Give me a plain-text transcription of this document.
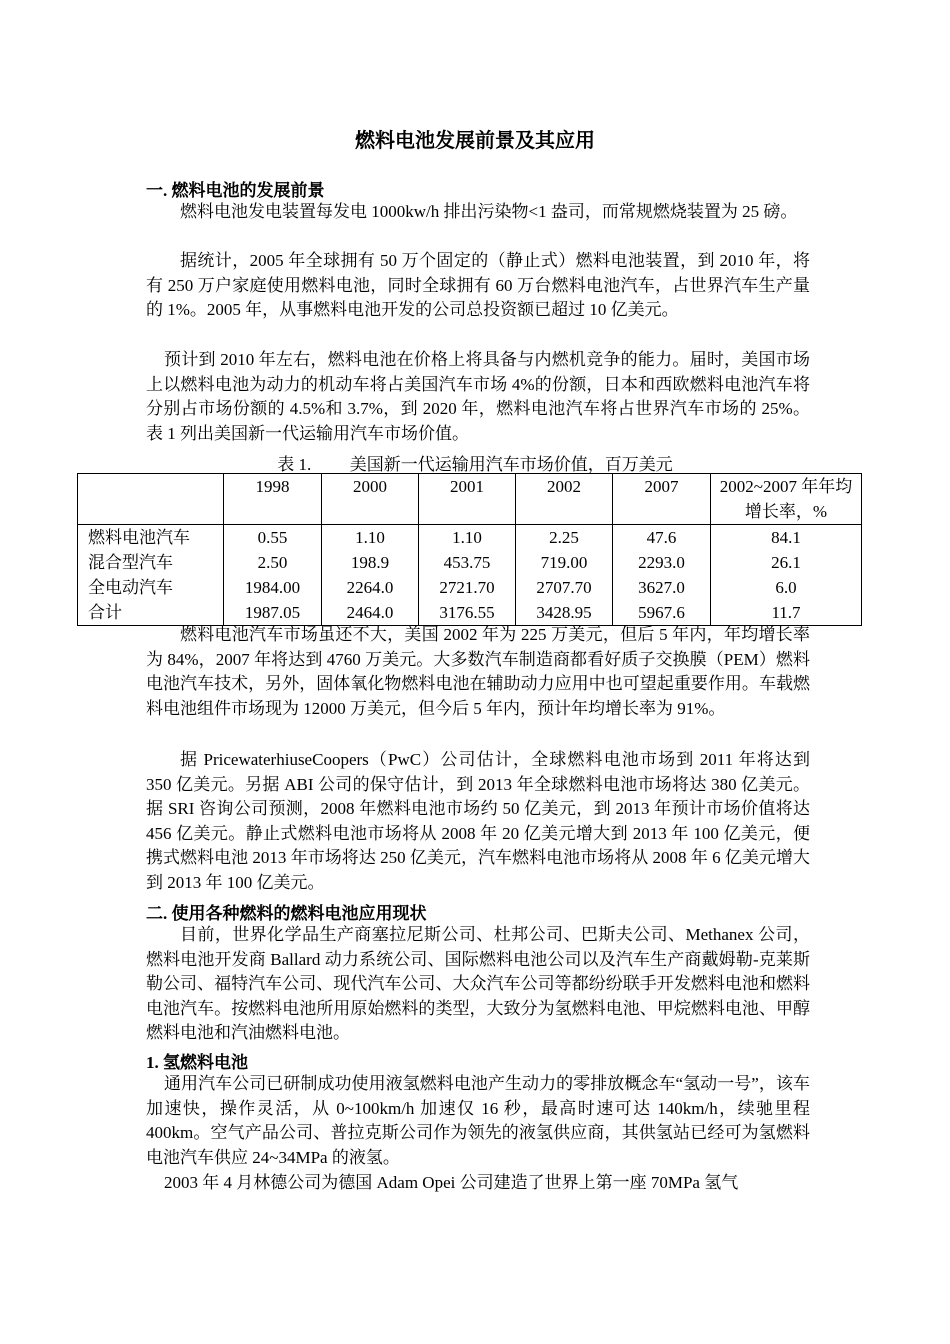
燃料电池发展前景及其应用
一. 燃料电池的发展前景
燃料电池发电装置每发电 1000kw/h 排出污染物<1 盎司，而常规燃烧装置为 25 磅。
据统计，2005 年全球拥有 50 万个固定的（静止式）燃料电池装置，到 2010 年，将有 250 万户家庭使用燃料电池，同时全球拥有 60 万台燃料电池汽车，占世界汽车生产量的 1%。2005 年，从事燃料电池开发的公司总投资额已超过 10 亿美元。
预计到 2010 年左右，燃料电池在价格上将具备与内燃机竞争的能力。届时，美国市场上以燃料电池为动力的机动车将占美国汽车市场 4%的份额，日本和西欧燃料电池汽车将分别占市场份额的 4.5%和 3.7%，到 2020 年，燃料电池汽车将占世界汽车市场的 25%。表 1 列出美国新一代运输用汽车市场价值。
表 1. 美国新一代运输用汽车市场价值，百万美元
	1998	2000	2001	2002	2007	2002~2007 年年均增长率，%
燃料电池汽车	0.55	1.10	1.10	2.25	47.6	84.1
混合型汽车	2.50	198.9	453.75	719.00	2293.0	26.1
全电动汽车	1984.00	2264.0	2721.70	2707.70	3627.0	6.0
合计	1987.05	2464.0	3176.55	3428.95	5967.6	11.7
燃料电池汽车市场虽还不大，美国 2002 年为 225 万美元，但后 5 年内，年均增长率为 84%，2007 年将达到 4760 万美元。大多数汽车制造商都看好质子交换膜（PEM）燃料电池汽车技术，另外，固体氧化物燃料电池在辅助动力应用中也可望起重要作用。车载燃料电池组件市场现为 12000 万美元，但今后 5 年内，预计年均增长率为 91%。
据 PricewaterhiuseCoopers（PwC）公司估计，全球燃料电池市场到 2011 年将达到 350 亿美元。另据 ABI 公司的保守估计，到 2013 年全球燃料电池市场将达 380 亿美元。据 SRI 咨询公司预测，2008 年燃料电池市场约 50 亿美元，到 2013 年预计市场价值将达 456 亿美元。静止式燃料电池市场将从 2008 年 20 亿美元增大到 2013 年 100 亿美元，便携式燃料电池 2013 年市场将达 250 亿美元，汽车燃料电池市场将从 2008 年 6 亿美元增大到 2013 年 100 亿美元。
二. 使用各种燃料的燃料电池应用现状
目前，世界化学品生产商塞拉尼斯公司、杜邦公司、巴斯夫公司、Methanex 公司，燃料电池开发商 Ballard 动力系统公司、国际燃料电池公司以及汽车生产商戴姆勒-克莱斯勒公司、福特汽车公司、现代汽车公司、大众汽车公司等都纷纷联手开发燃料电池和燃料电池汽车。按燃料电池所用原始燃料的类型，大致分为氢燃料电池、甲烷燃料电池、甲醇燃料电池和汽油燃料电池。
1. 氢燃料电池
通用汽车公司已研制成功使用液氢燃料电池产生动力的零排放概念车“氢动一号”，该车加速快，操作灵活，从 0~100km/h 加速仅 16 秒，最高时速可达 140km/h，续驰里程 400km。空气产品公司、普拉克斯公司作为领先的液氢供应商，其供氢站已经可为氢燃料电池汽车供应 24~34MPa 的液氢。
2003 年 4 月林德公司为德国 Adam Opei 公司建造了世界上第一座 70MPa 氢气
